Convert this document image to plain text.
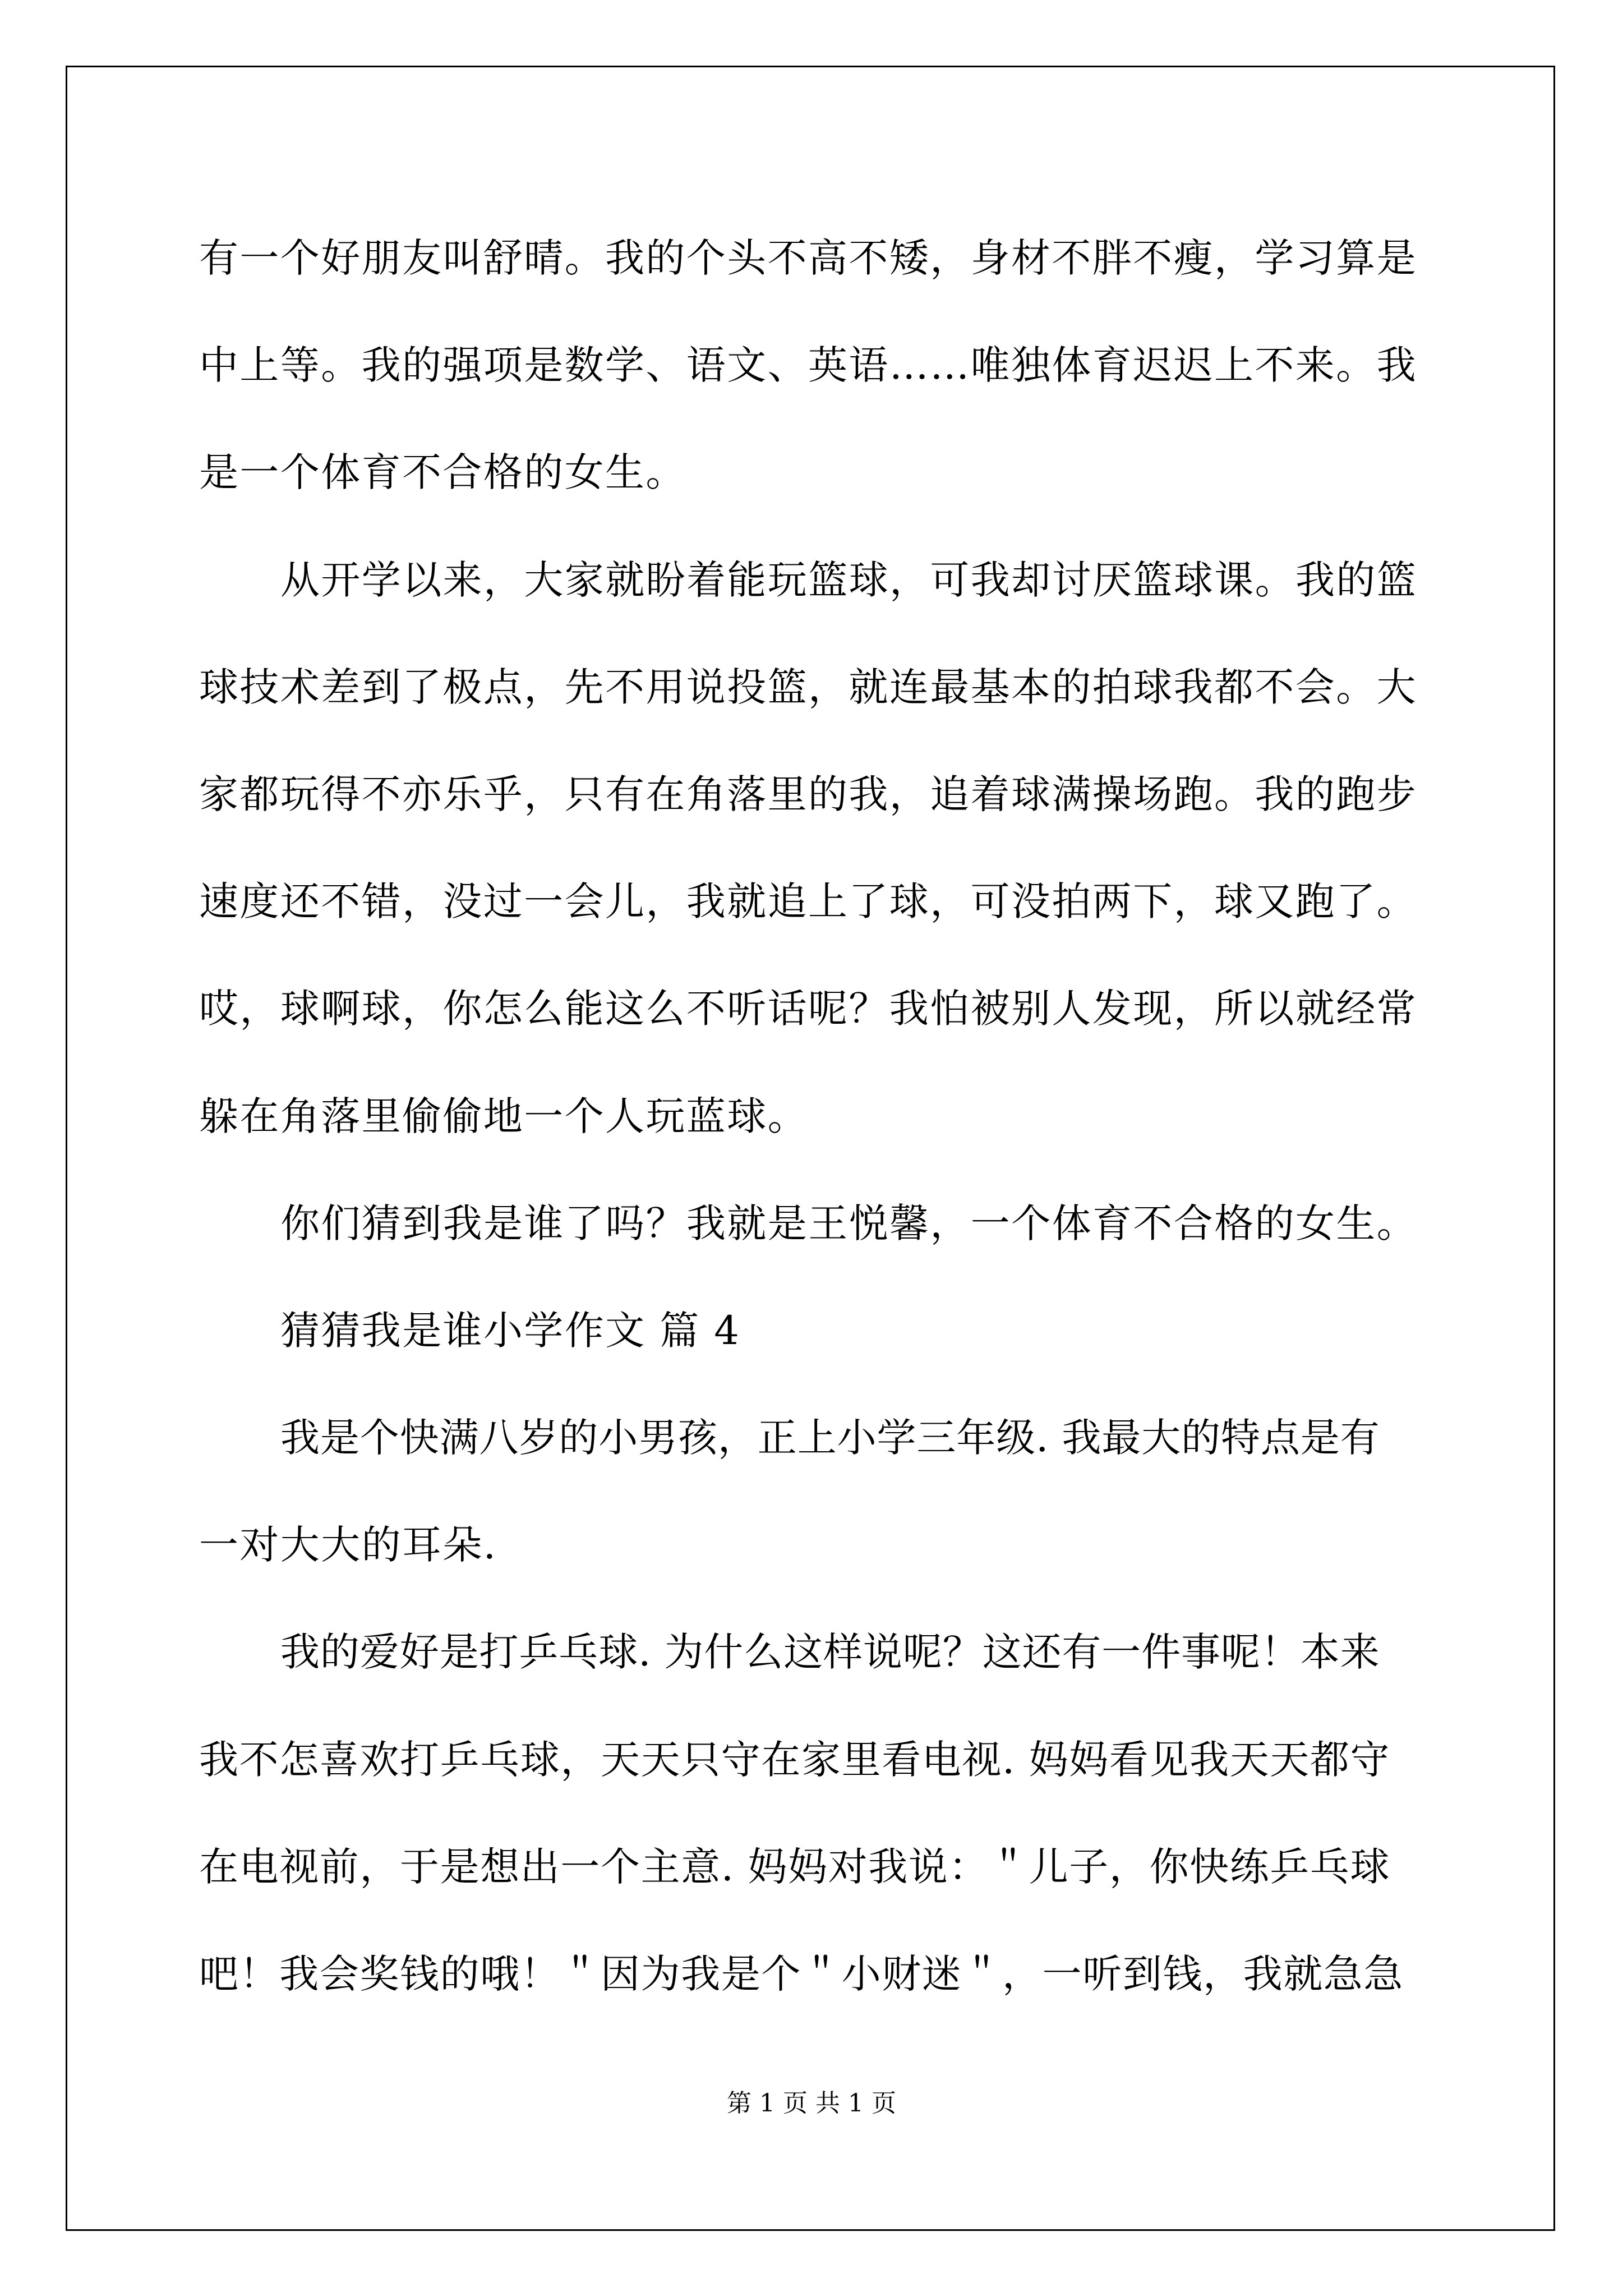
有一个好朋友叫舒晴。我的个头不高不矮，身材不胖不瘦，学习算是
中上等。我的强项是数学、语文、英语……唯独体育迟迟上不来。我
是一个体育不合格的女生。
从开学以来，大家就盼着能玩篮球，可我却讨厌篮球课。我的篮
球技术差到了极点，先不用说投篮，就连最基本的拍球我都不会。大
家都玩得不亦乐乎，只有在角落里的我，追着球满操场跑。我的跑步
速度还不错，没过一会儿，我就追上了球，可没拍两下，球又跑了。
哎，球啊球，你怎么能这么不听话呢？我怕被别人发现，所以就经常
躲在角落里偷偷地一个人玩蓝球。
你们猜到我是谁了吗？我就是王悦馨，一个体育不合格的女生。
猜猜我是谁小学作文 篇 4
我是个快满八岁的小男孩，正上小学三年级. 我最大的特点是有
一对大大的耳朵.
我的爱好是打乒乓球. 为什么这样说呢？这还有一件事呢！本来
我不怎喜欢打乒乓球，天天只守在家里看电视. 妈妈看见我天天都守
在电视前，于是想出一个主意. 妈妈对我说：＂儿子，你快练乒乓球
吧！我会奖钱的哦！＂因为我是个＂小财迷＂，一听到钱，我就急急
第 1 页 共 1 页
